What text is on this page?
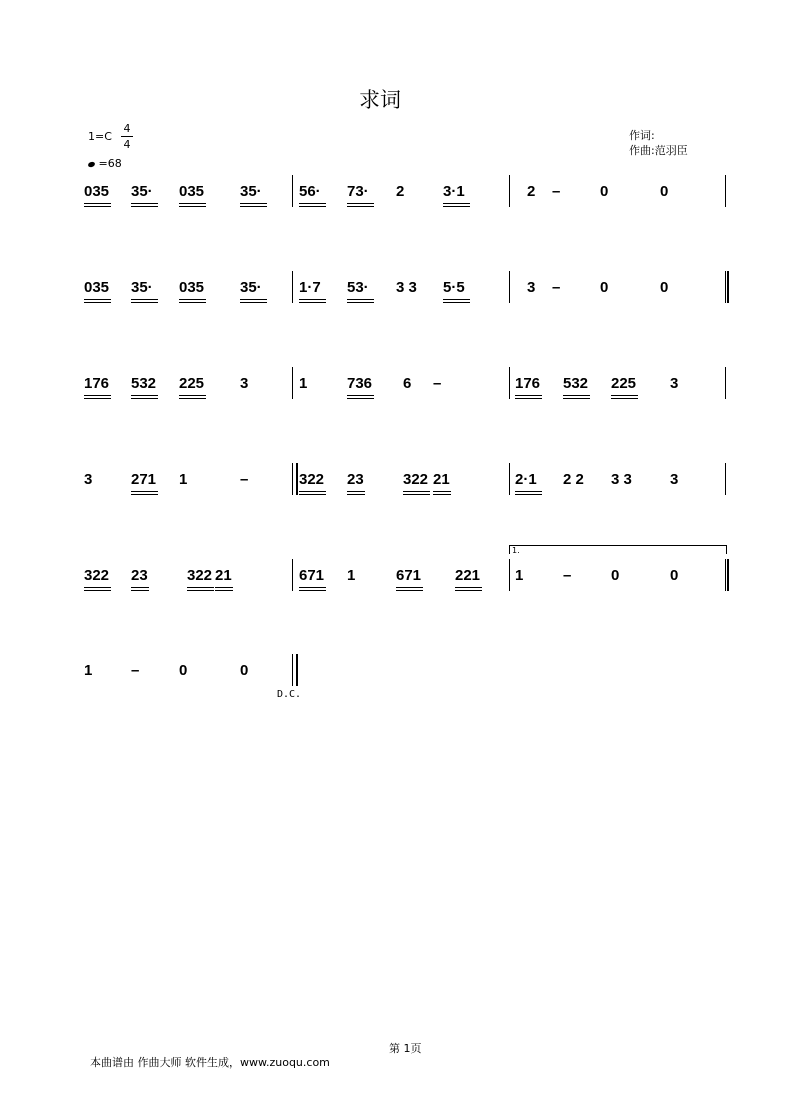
求词
1=C
4
4
=68
作词:
作曲:范羽臣
035 35· 035 35· 56· 73· 2	3·1	2 –	0	0
035 35· 035 35· 1·7 53· 3 3 5·5	3 –	0	0
176 532 225 3	1	736 6 –	176 532 225 3
3	271 1	–	322 23	322 21	2·1 2 2 3 3	3
322 23	322 21	671 1	671 221 1	–	0	0
1	–	0	0
1.
D.C.
第 1页
本曲谱由 作曲大师 软件生成，www.zuoqu.com
